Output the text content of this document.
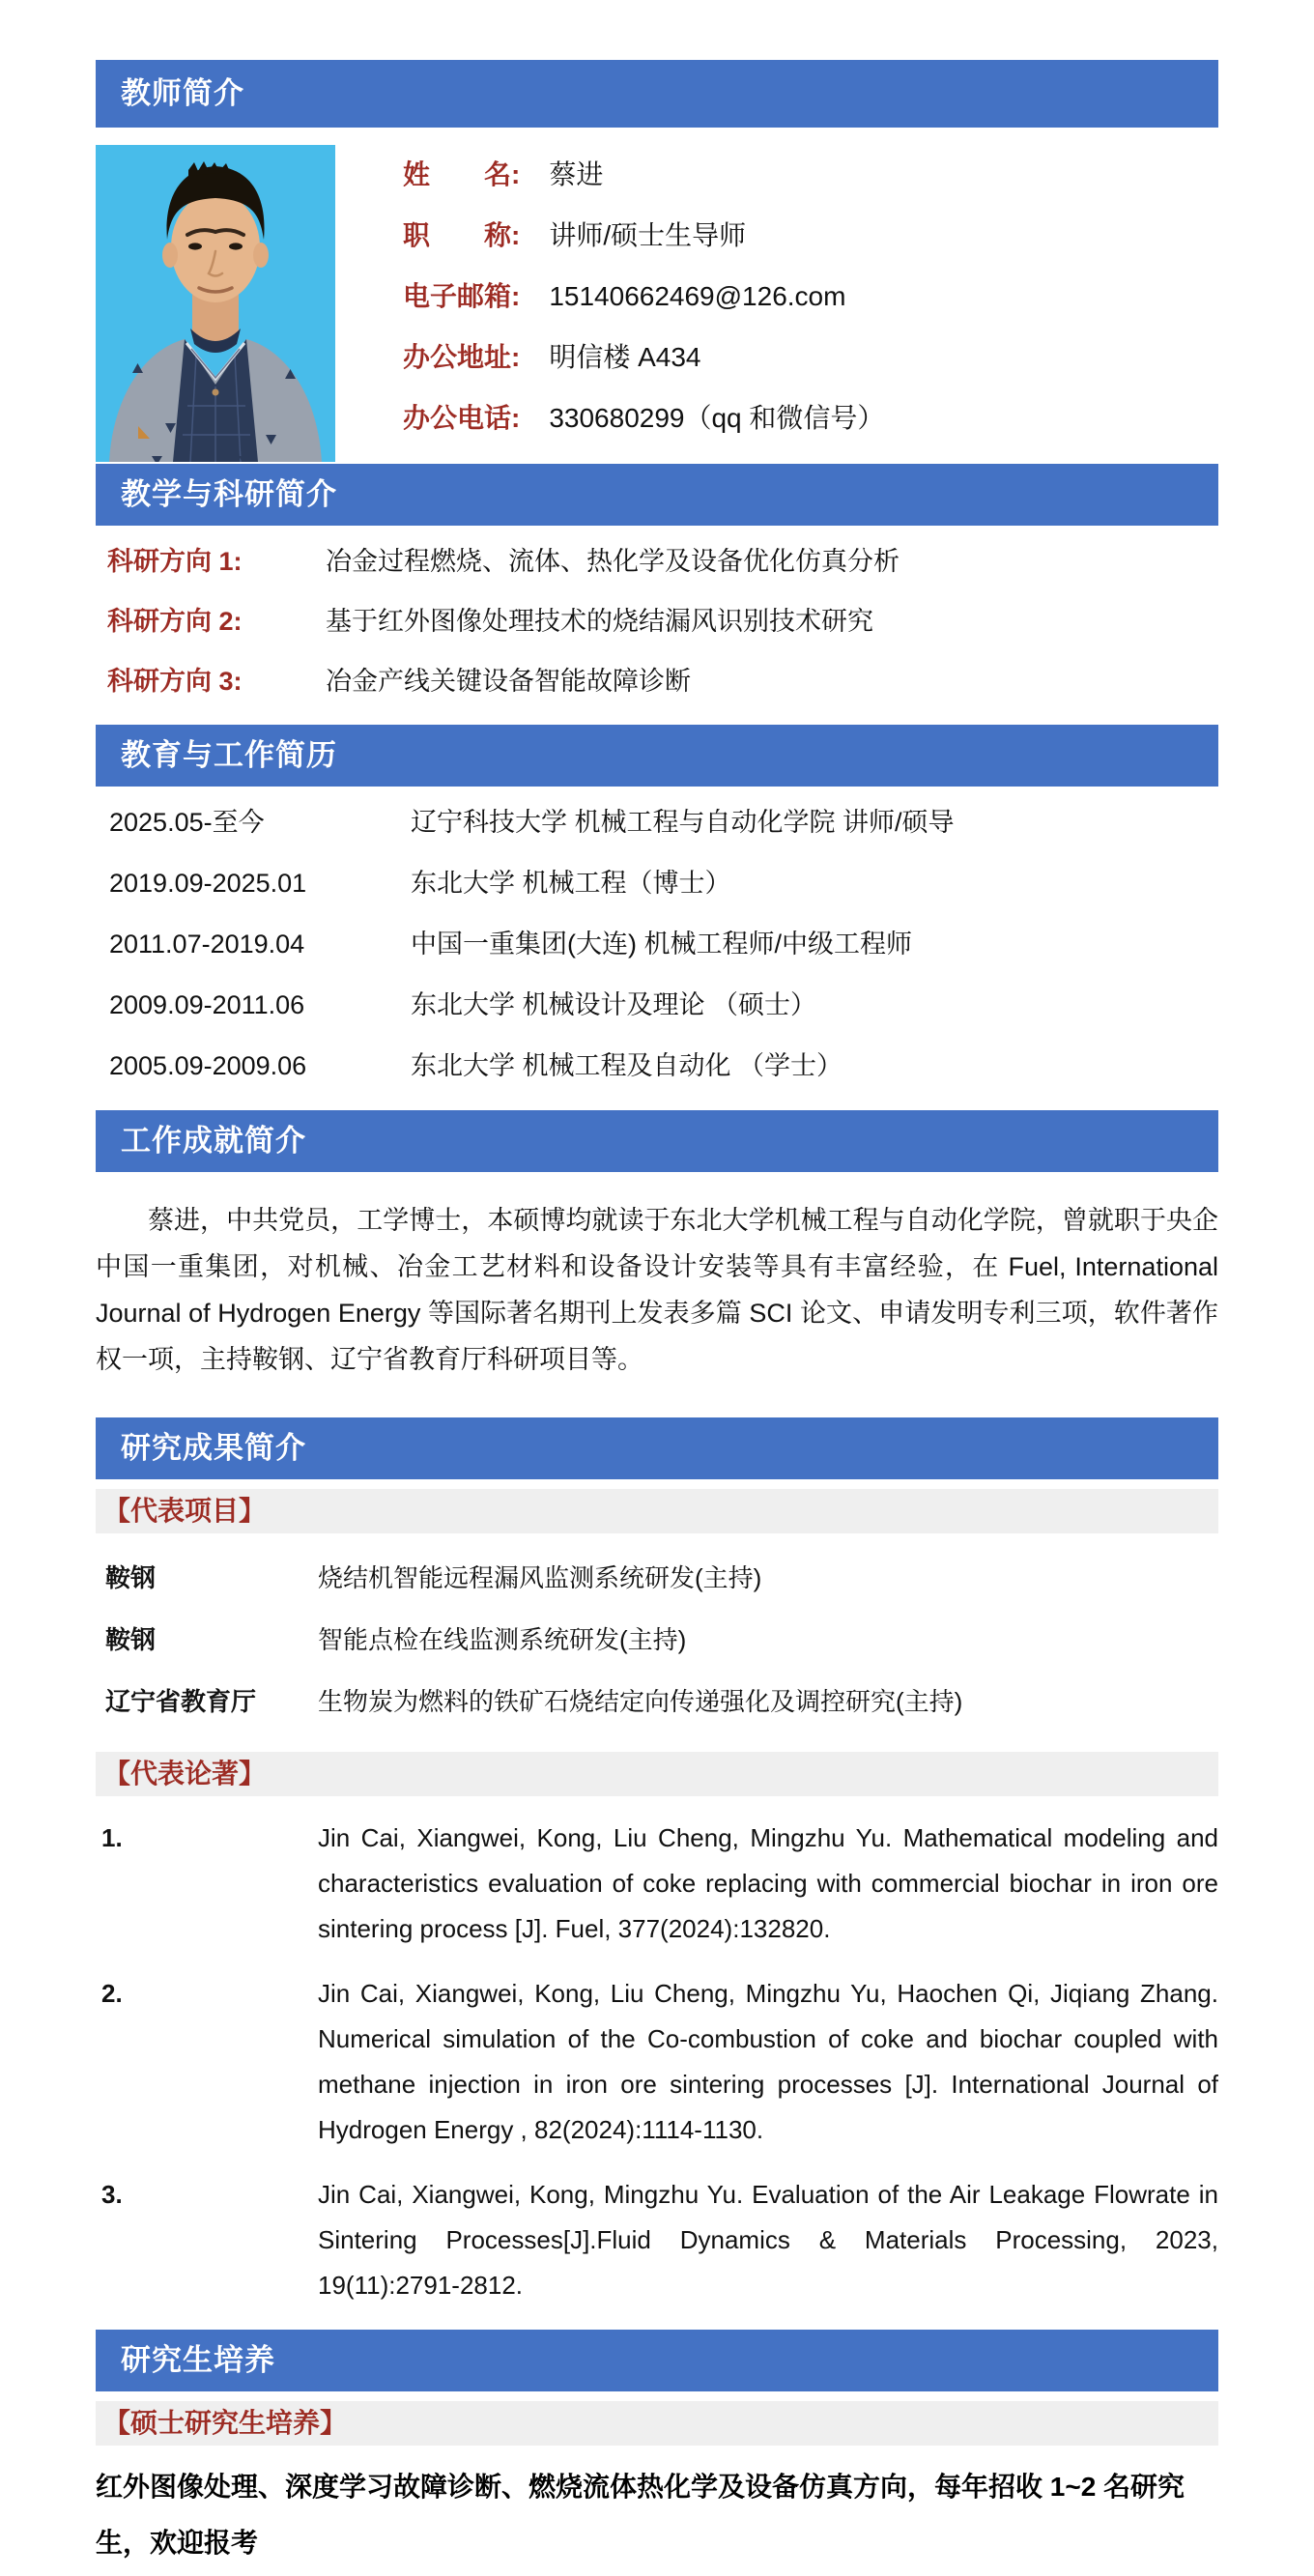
教师简介
姓　　名: 蔡进
职　　称: 讲师/硕士生导师
电子邮箱: 15140662469@126.com
办公地址: 明信楼 A434
办公电话: 330680299（qq 和微信号）
教学与科研简介
科研方向 1:	冶金过程燃烧、流体、热化学及设备优化仿真分析
科研方向 2:	基于红外图像处理技术的烧结漏风识别技术研究
科研方向 3:	冶金产线关键设备智能故障诊断
教育与工作简历
2025.05-至今	辽宁科技大学 机械工程与自动化学院 讲师/硕导
2019.09-2025.01	东北大学 机械工程（博士）
2011.07-2019.04	中国一重集团(大连) 机械工程师/中级工程师
2009.09-2011.06	东北大学 机械设计及理论 （硕士）
2005.09-2009.06	东北大学 机械工程及自动化 （学士）
工作成就简介

蔡进，中共党员，工学博士，本硕博均就读于东北大学机械工程与自动化学院，曾就职于央企中国一重集团，对机械、冶金工艺材料和设备设计安装等具有丰富经验，在 Fuel, International Journal of Hydrogen Energy 等国际著名期刊上发表多篇 SCI 论文、申请发明专利三项，软件著作权一项，主持鞍钢、辽宁省教育厅科研项目等。

研究成果简介
【代表项目】
鞍钢	烧结机智能远程漏风监测系统研发(主持)
鞍钢	智能点检在线监测系统研发(主持)
辽宁省教育厅	生物炭为燃料的铁矿石烧结定向传递强化及调控研究(主持)
【代表论著】
1.	Jin Cai, Xiangwei, Kong, Liu Cheng, Mingzhu Yu. Mathematical modeling and characteristics evaluation of coke replacing with commercial biochar in iron ore sintering process [J]. Fuel, 377(2024):132820.
2.	Jin Cai, Xiangwei, Kong, Liu Cheng, Mingzhu Yu, Haochen Qi, Jiqiang Zhang. Numerical simulation of the Co-combustion of coke and biochar coupled with methane injection in iron ore sintering processes [J]. International Journal of Hydrogen Energy , 82(2024):1114-1130.
3.	Jin Cai, Xiangwei, Kong, Mingzhu Yu. Evaluation of the Air Leakage Flowrate in Sintering Processes[J].Fluid Dynamics & Materials Processing, 2023, 19(11):2791-2812.
研究生培养
【硕士研究生培养】

红外图像处理、深度学习故障诊断、燃烧流体热化学及设备仿真方向，每年招收 1~2 名研究生，欢迎报考
